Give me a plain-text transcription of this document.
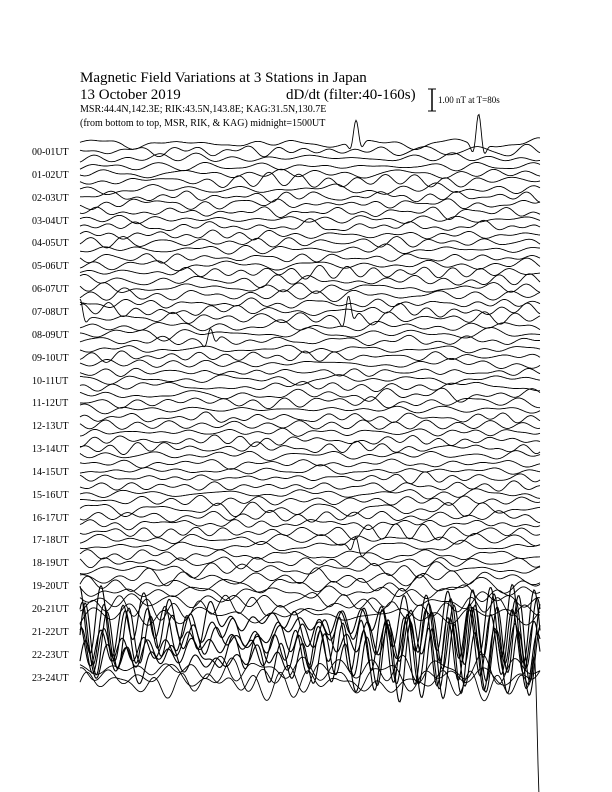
Magnetic Field Variations at 3 Stations in Japan
13 October 2019	dD/dt (filter:40-160s)
MSR:44.4N,142.3E; RIK:43.5N,143.8E; KAG:31.5N,130.7E
(from bottom to top, MSR, RIK, & KAG) midnight=1500UT
1.00 nT at T=80s
00-01UT
01-02UT
02-03UT
03-04UT
04-05UT
05-06UT
06-07UT
07-08UT
08-09UT
09-10UT
10-11UT
11-12UT
12-13UT
13-14UT
14-15UT
15-16UT
16-17UT
17-18UT
18-19UT
19-20UT
20-21UT
21-22UT
22-23UT
23-24UT
